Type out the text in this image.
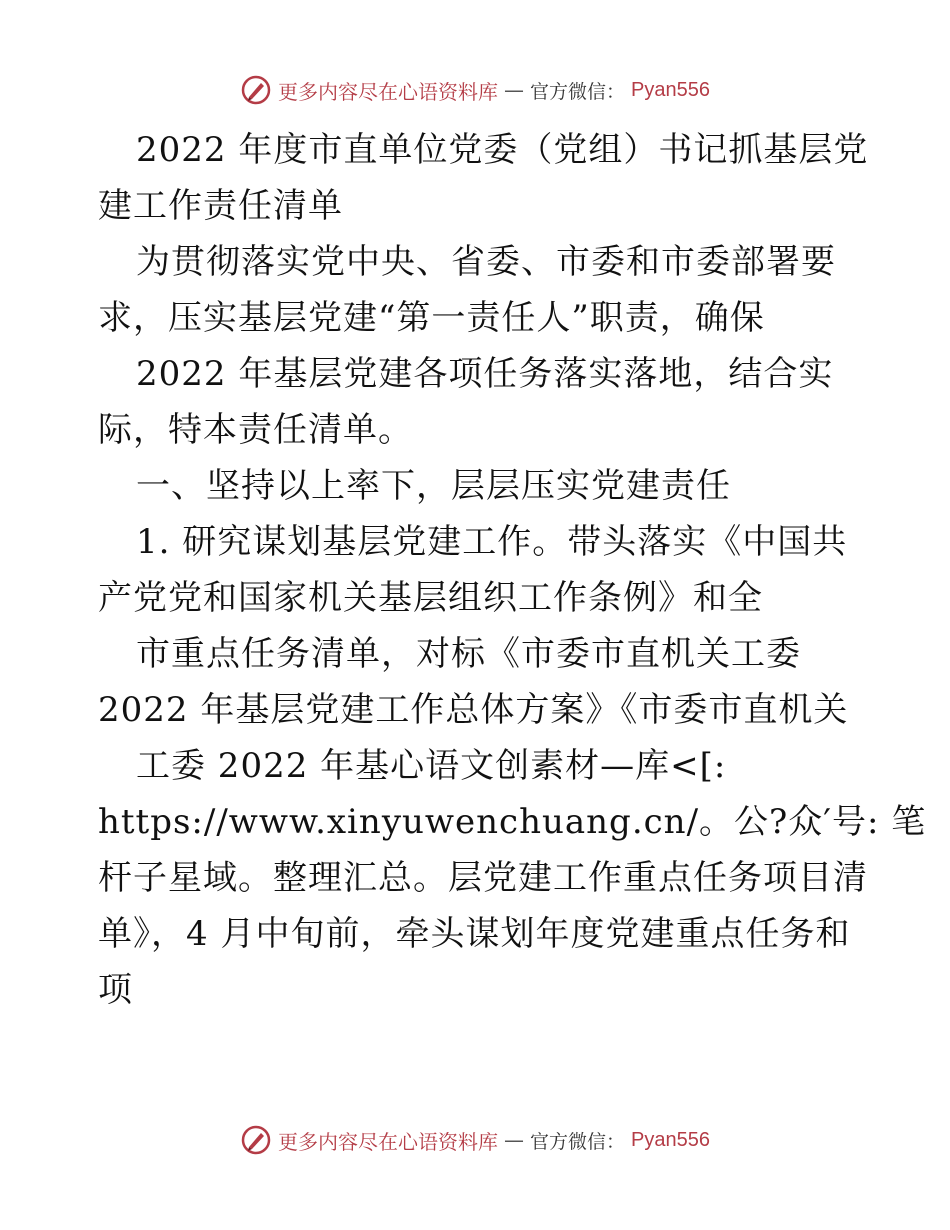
更多内容尽在心语资料库 — 官方微信： Pyan556
2022 年度市直单位党委（党组）书记抓基层党
建工作责任清单
为贯彻落实党中央、省委、市委和市委部署要
求，压实基层党建“第一责任人”职责，确保
2022 年基层党建各项任务落实落地，结合实
际，特本责任清单。
一、坚持以上率下，层层压实党建责任
1. 研究谋划基层党建工作。带头落实《中国共
产党党和国家机关基层组织工作条例》和全
市重点任务清单，对标《市委市直机关工委
2022 年基层党建工作总体方案》《市委市直机关
工委 2022 年基心语文创素材—库<[:
https://www.xinyuwenchuang.cn/。公?众′号: 笔
杆子星域。整理汇总。层党建工作重点任务项目清
单》，4 月中旬前，牵头谋划年度党建重点任务和
项
更多内容尽在心语资料库 — 官方微信： Pyan556
